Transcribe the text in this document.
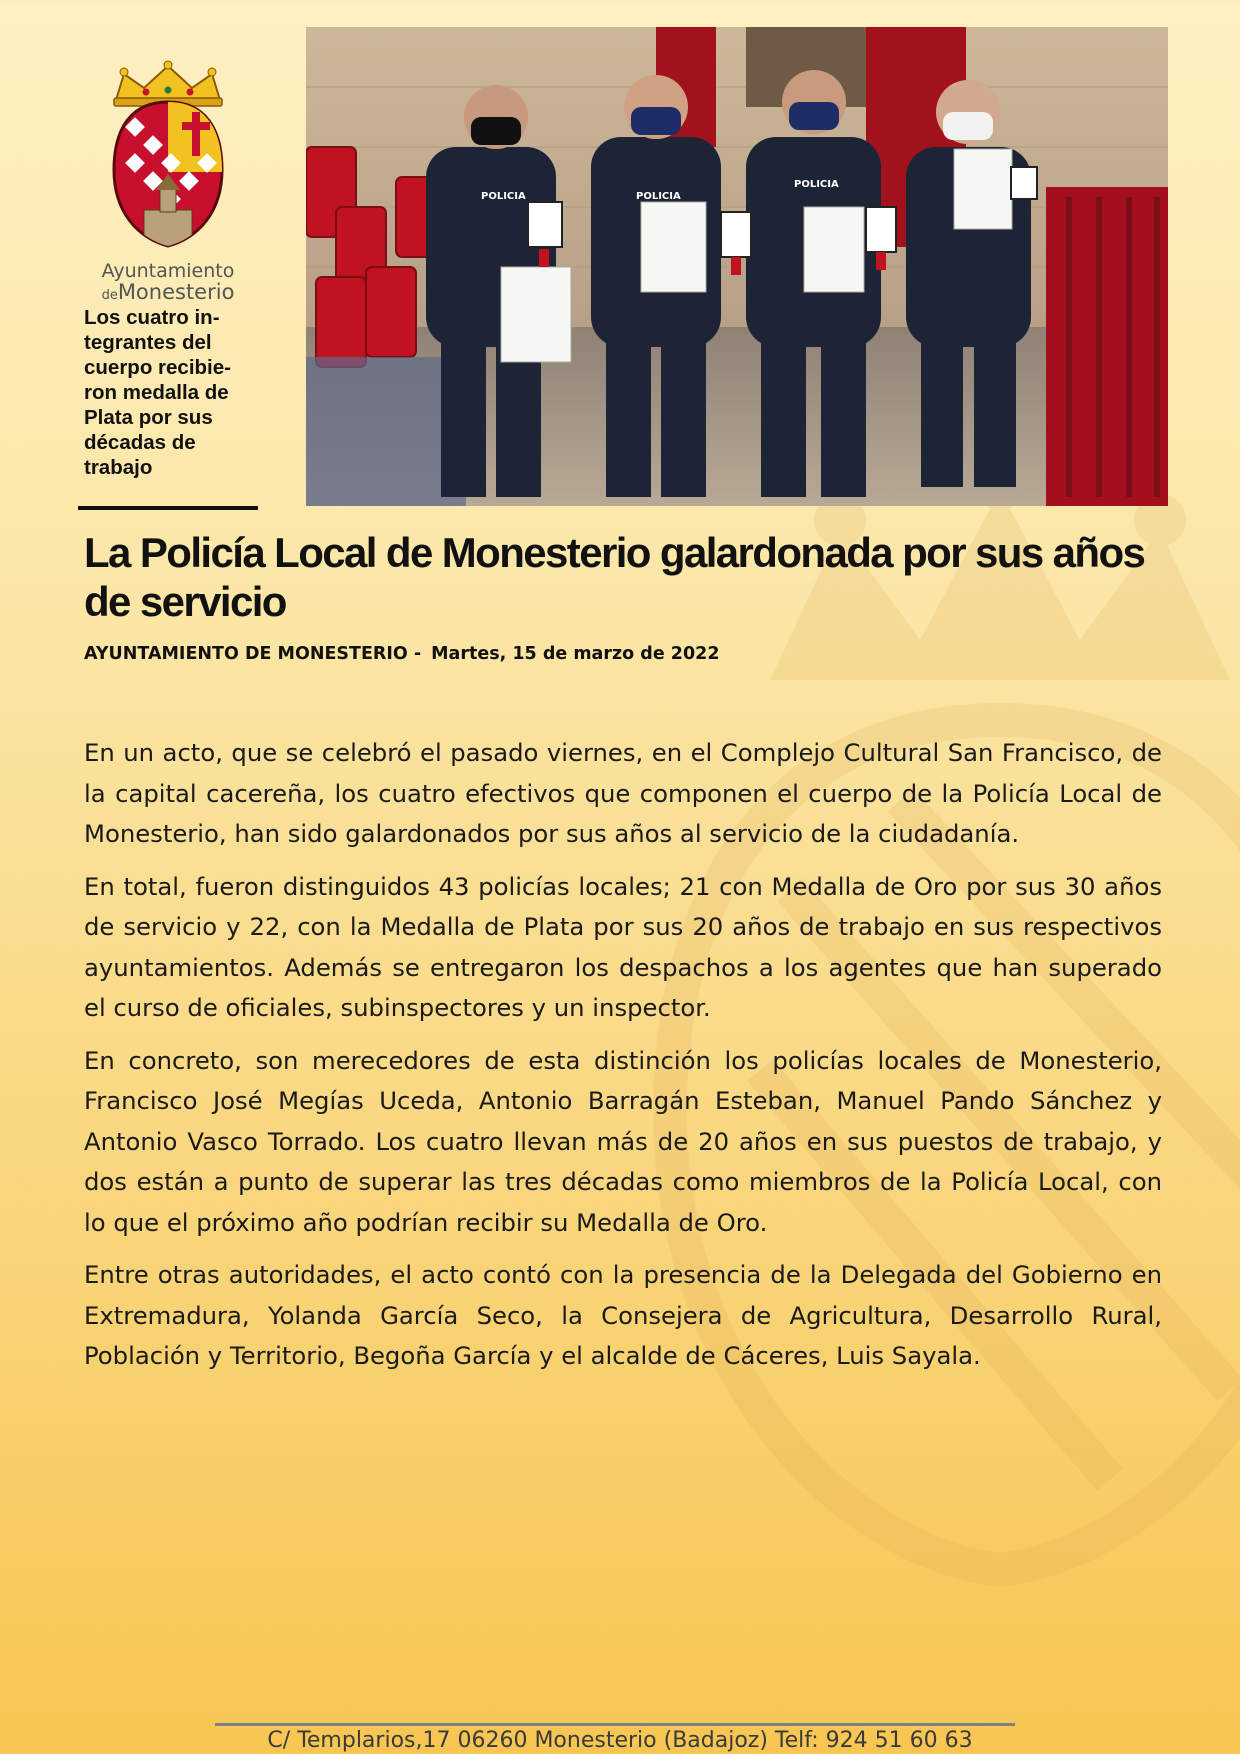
Ayuntamiento
deMonesterio
Los cuatro in-
tegrantes del
cuerpo recibie-
ron medalla de
Plata por sus
décadas de
trabajo
POLICIA	POLICIA
POLICIA
La Policía Local de Monesterio galardonada por sus años de servicio
AYUNTAMIENTO DE MONESTERIO - Martes, 15 de marzo de 2022

En un acto, que se celebró el pasado viernes, en el Complejo Cultural San Francisco, de la capital cacereña, los cuatro efectivos que componen el cuerpo de la Policía Local de Monesterio, han sido galardonados por sus años al servicio de la ciudadanía.

En total, fueron distinguidos 43 policías locales; 21 con Medalla de Oro por sus 30 años de servicio y 22, con la Medalla de Plata por sus 20 años de trabajo en sus respectivos ayuntamientos. Además se entregaron los despachos a los agentes que han superado el curso de oficiales, subinspectores y un inspector.

En concreto, son merecedores de esta distinción los policías locales de Monesterio, Francisco José Megías Uceda, Antonio Barragán Esteban, Manuel Pando Sánchez y Antonio Vasco Torrado. Los cuatro llevan más de 20 años en sus puestos de trabajo, y dos están a punto de superar las tres décadas como miembros de la Policía Local, con lo que el próximo año podrían recibir su Medalla de Oro.

Entre otras autoridades, el acto contó con la presencia de la Delegada del Gobierno en Extremadura, Yolanda García Seco, la Consejera de Agricultura, Desarrollo Rural, Población y Territorio, Begoña García y el alcalde de Cáceres, Luis Sayala.

C/ Templarios,17 06260 Monesterio (Badajoz) Telf: 924 51 60 63
